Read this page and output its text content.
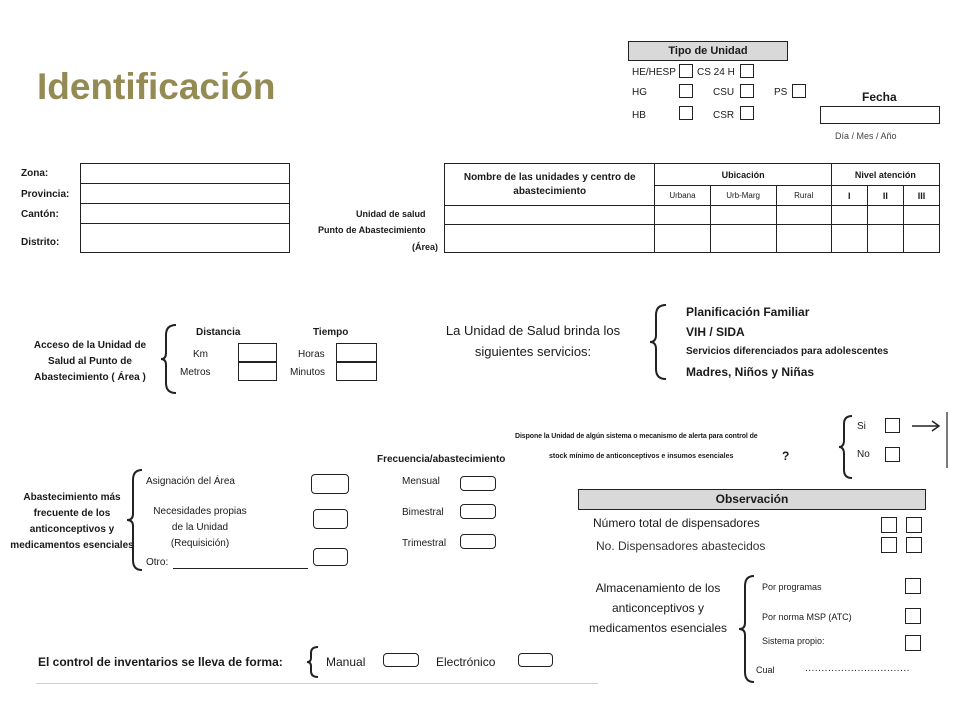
Identificación
Tipo de Unidad
HE/HESP CS 24 H
HG	CSU	PS
HB	CSR
Fecha
Día / Mes / Año
Zona:
Provincia:
Cantón:
Distrito:
Nombre de las unidades y centro de abastecimiento	Ubicación			Nivel atención		
	Urbana	Urb-Marg	Rural	I	II	III

Unidad de salud
Punto de Abastecimiento
(Área)
Acceso de la Unidad de Salud al Punto de Abastecimiento ( Área )
Distancia	Tiempo
Km
Metros
Horas
Minutos
La Unidad de Salud brinda los siguientes servicios:
Planificación Familiar
VIH / SIDA
Servicios diferenciados para adolescentes
Madres, Niños y Niñas
Dispone la Unidad de algún sistema o mecanismo de alerta para control de
stock mínimo de anticonceptivos e insumos esenciales	?
Si
No
Abastecimiento más frecuente de los anticonceptivos y medicamentos esenciales
Asignación del Área
Necesidades propias
de la Unidad
(Requisición)
Otro:
Frecuencia/abastecimiento
Mensual
Bimestral
Trimestral
Observación
Número total de dispensadores
No. Dispensadores abastecidos
Almacenamiento de los anticonceptivos y medicamentos esenciales
Por programas
Por norma MSP (ATC)
Sistema propio:
Cual	................................
El control de inventarios se lleva de forma:	Manual	Electrónico
